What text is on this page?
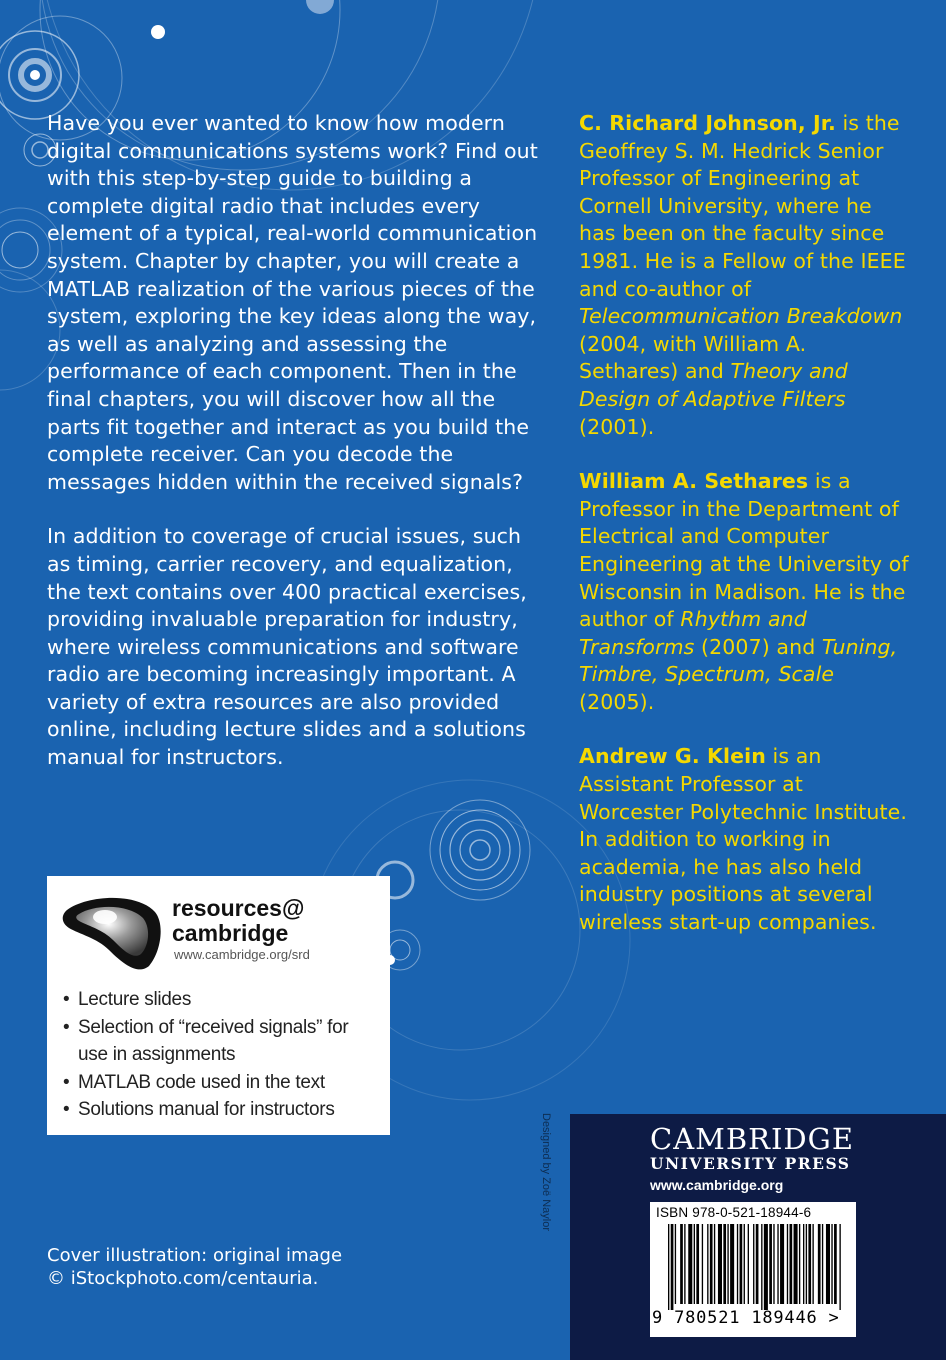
Have you ever wanted to know how modern digital communications systems work? Find out with this step-by-step guide to building a complete digital radio that includes every element of a typical, real-world communication system. Chapter by chapter, you will create a MATLAB realization of the various pieces of the system, exploring the key ideas along the way, as well as analyzing and assessing the performance of each component. Then in the final chapters, you will discover how all the parts fit together and interact as you build the complete receiver. Can you decode the messages hidden within the received signals?

In addition to coverage of crucial issues, such as timing, carrier recovery, and equalization, the text contains over 400 practical exercises, providing invaluable preparation for industry, where wireless communications and software radio are becoming increasingly important. A variety of extra resources are also provided online, including lecture slides and a solutions manual for instructors.

C. Richard Johnson, Jr. is the Geoffrey S. M. Hedrick Senior Professor of Engineering at Cornell University, where he has been on the faculty since 1981. He is a Fellow of the IEEE and co-author of Telecommunication Breakdown (2004, with William A. Sethares) and Theory and Design of Adaptive Filters (2001).

William A. Sethares is a Professor in the Department of Electrical and Computer Engineering at the University of Wisconsin in Madison. He is the author of Rhythm and Transforms (2007) and Tuning, Timbre, Spectrum, Scale (2005).

Andrew G. Klein is an Assistant Professor at Worcester Polytechnic Institute. In addition to working in academia, he has also held industry positions at several wireless start-up companies.

resources@
cambridge
www.cambridge.org/srd
• Lecture slides
• Selection of “received signals” for use in assignments
• MATLAB code used in the text
• Solutions manual for instructors
Cover illustration: original image
© iStockphoto.com/centauria.
Designed by Zoë Naylor	CAMBRIDGE
UNIVERSITY PRESS
www.cambridge.org
ISBN 978-0-521-18944-6
9 780521 189446 >
